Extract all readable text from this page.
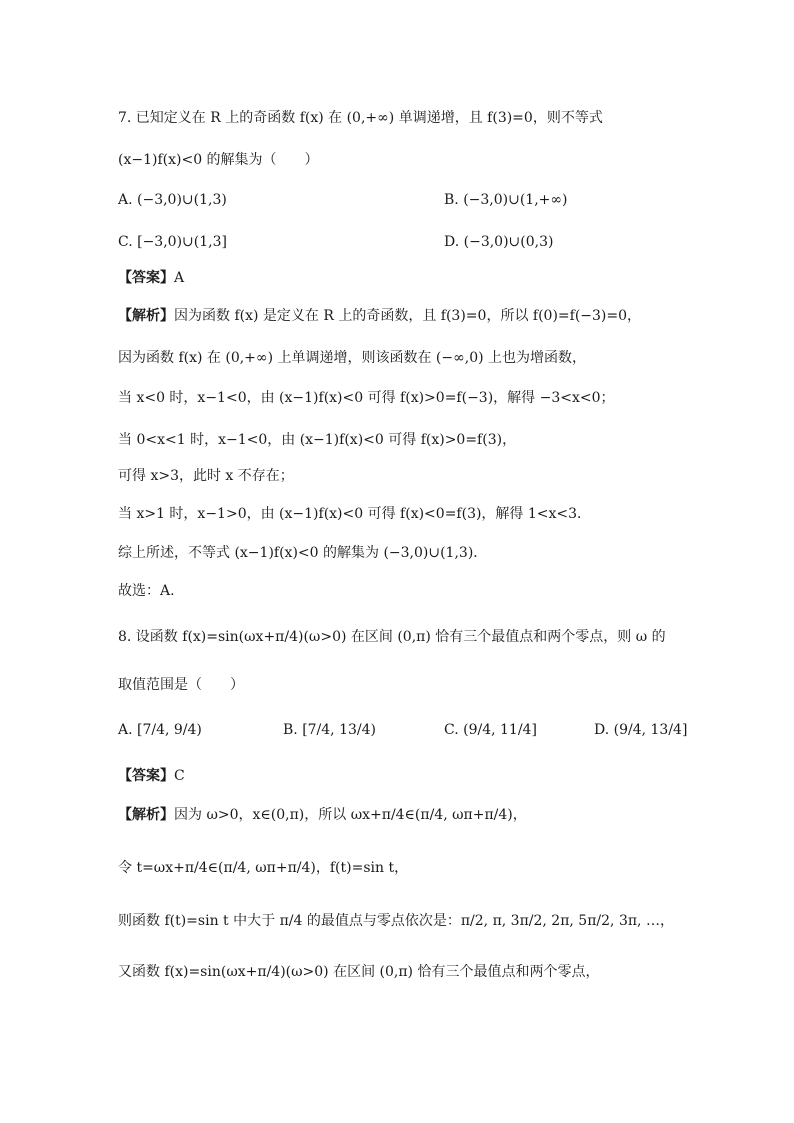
7. 已知定义在 R 上的奇函数 f(x) 在 (0,+∞) 单调递增，且 f(3)=0，则不等式
(x−1)f(x)<0 的解集为（　　）
A. (−3,0)∪(1,3)	B. (−3,0)∪(1,+∞)
C. [−3,0)∪(1,3]	D. (−3,0)∪(0,3)
【答案】A
【解析】因为函数 f(x) 是定义在 R 上的奇函数，且 f(3)=0，所以 f(0)=f(−3)=0，
因为函数 f(x) 在 (0,+∞) 上单调递增，则该函数在 (−∞,0) 上也为增函数，
当 x<0 时，x−1<0，由 (x−1)f(x)<0 可得 f(x)>0=f(−3)，解得 −3<x<0；
当 0<x<1 时，x−1<0，由 (x−1)f(x)<0 可得 f(x)>0=f(3)，
可得 x>3，此时 x 不存在；
当 x>1 时，x−1>0，由 (x−1)f(x)<0 可得 f(x)<0=f(3)，解得 1<x<3．
综上所述，不等式 (x−1)f(x)<0 的解集为 (−3,0)∪(1,3)．
故选：A.
8. 设函数 f(x)=sin(ωx+π/4)(ω>0) 在区间 (0,π) 恰有三个最值点和两个零点，则 ω 的
取值范围是（　　）
A. [7/4, 9/4)	B. [7/4, 13/4)	C. (9/4, 11/4]	D. (9/4, 13/4]
【答案】C
【解析】因为 ω>0，x∈(0,π)，所以 ωx+π/4∈(π/4, ωπ+π/4)，
令 t=ωx+π/4∈(π/4, ωπ+π/4)，f(t)=sin t，
则函数 f(t)=sin t 中大于 π/4 的最值点与零点依次是：π/2, π, 3π/2, 2π, 5π/2, 3π, …，
又函数 f(x)=sin(ωx+π/4)(ω>0) 在区间 (0,π) 恰有三个最值点和两个零点，
